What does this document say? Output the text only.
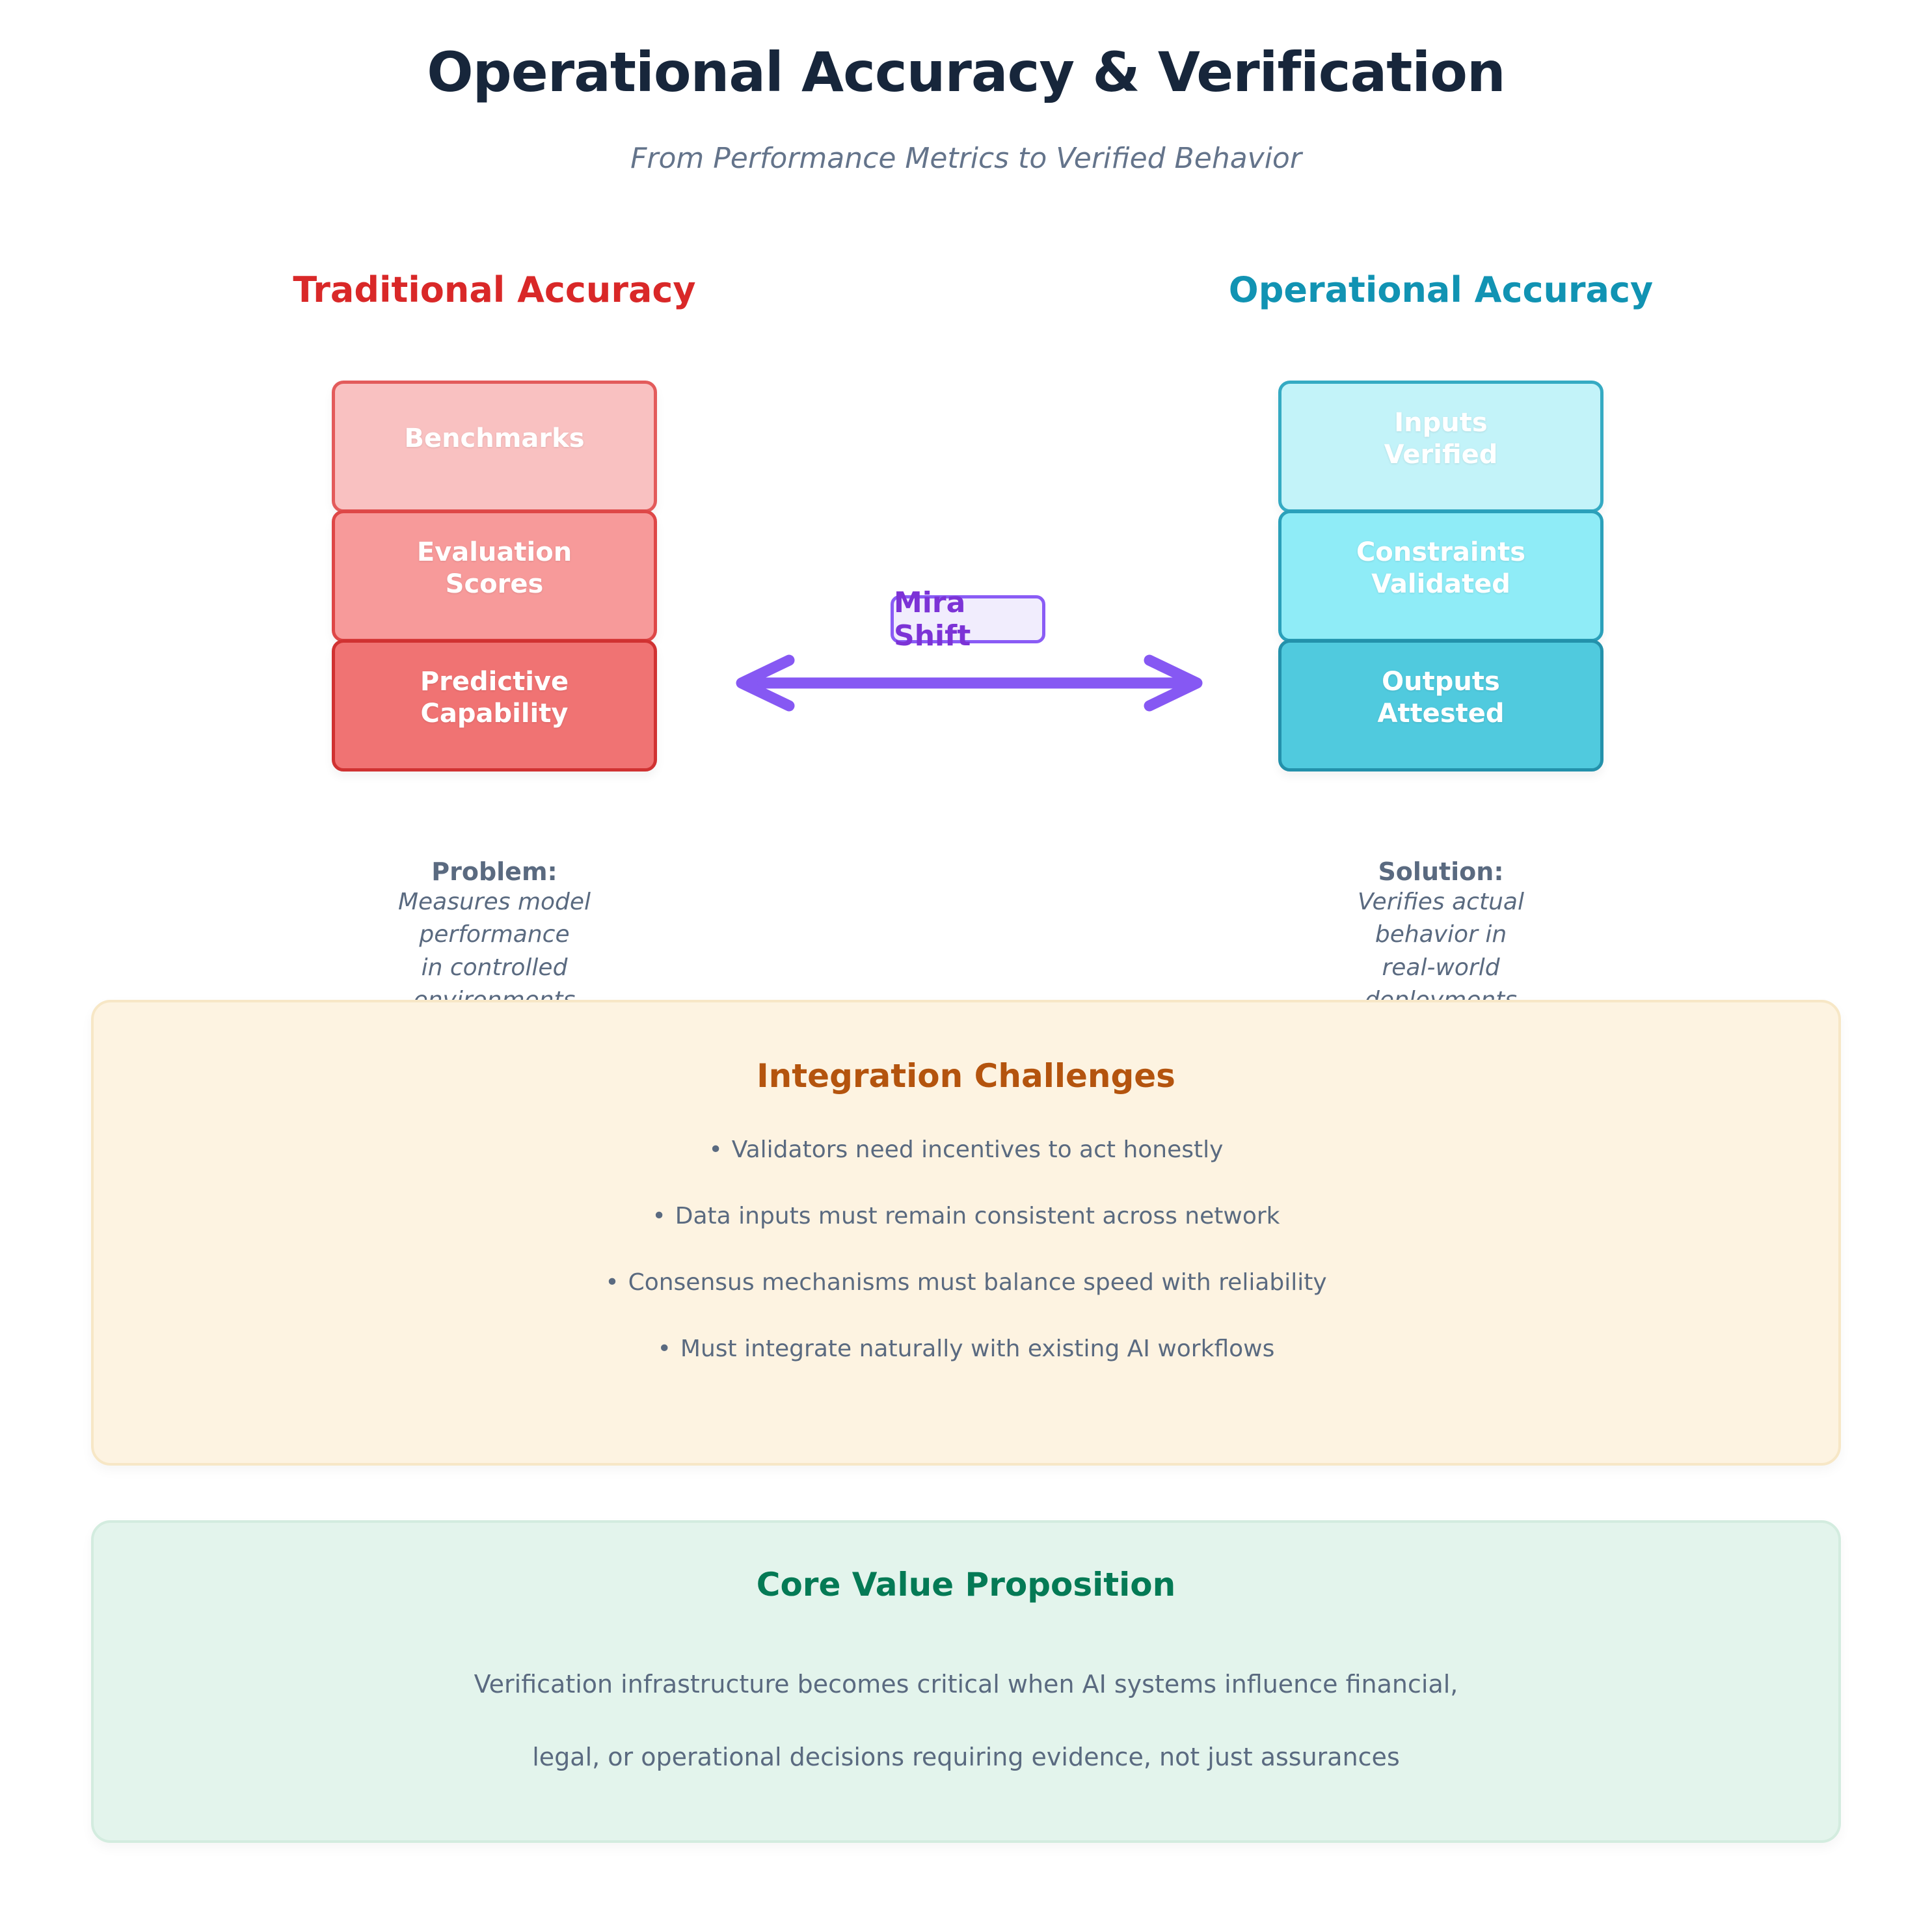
Operational Accuracy & Verification
From Performance Metrics to Verified Behavior
Traditional Accuracy	Operational Accuracy
Benchmarks
Evaluation
Scores
Predictive
Capability
Inputs
Verified
Constraints
Validated
Outputs
Attested
Mira Shift
Problem:
Measures model
performance
in controlled
Solution:
Verifies actual
behavior in
real-world
Integration Challenges
• Validators need incentives to act honestly
• Data inputs must remain consistent across network
• Consensus mechanisms must balance speed with reliability
• Must integrate naturally with existing AI workflows
Core Value Proposition
Verification infrastructure becomes critical when AI systems influence financial,
legal, or operational decisions requiring evidence, not just assurances
